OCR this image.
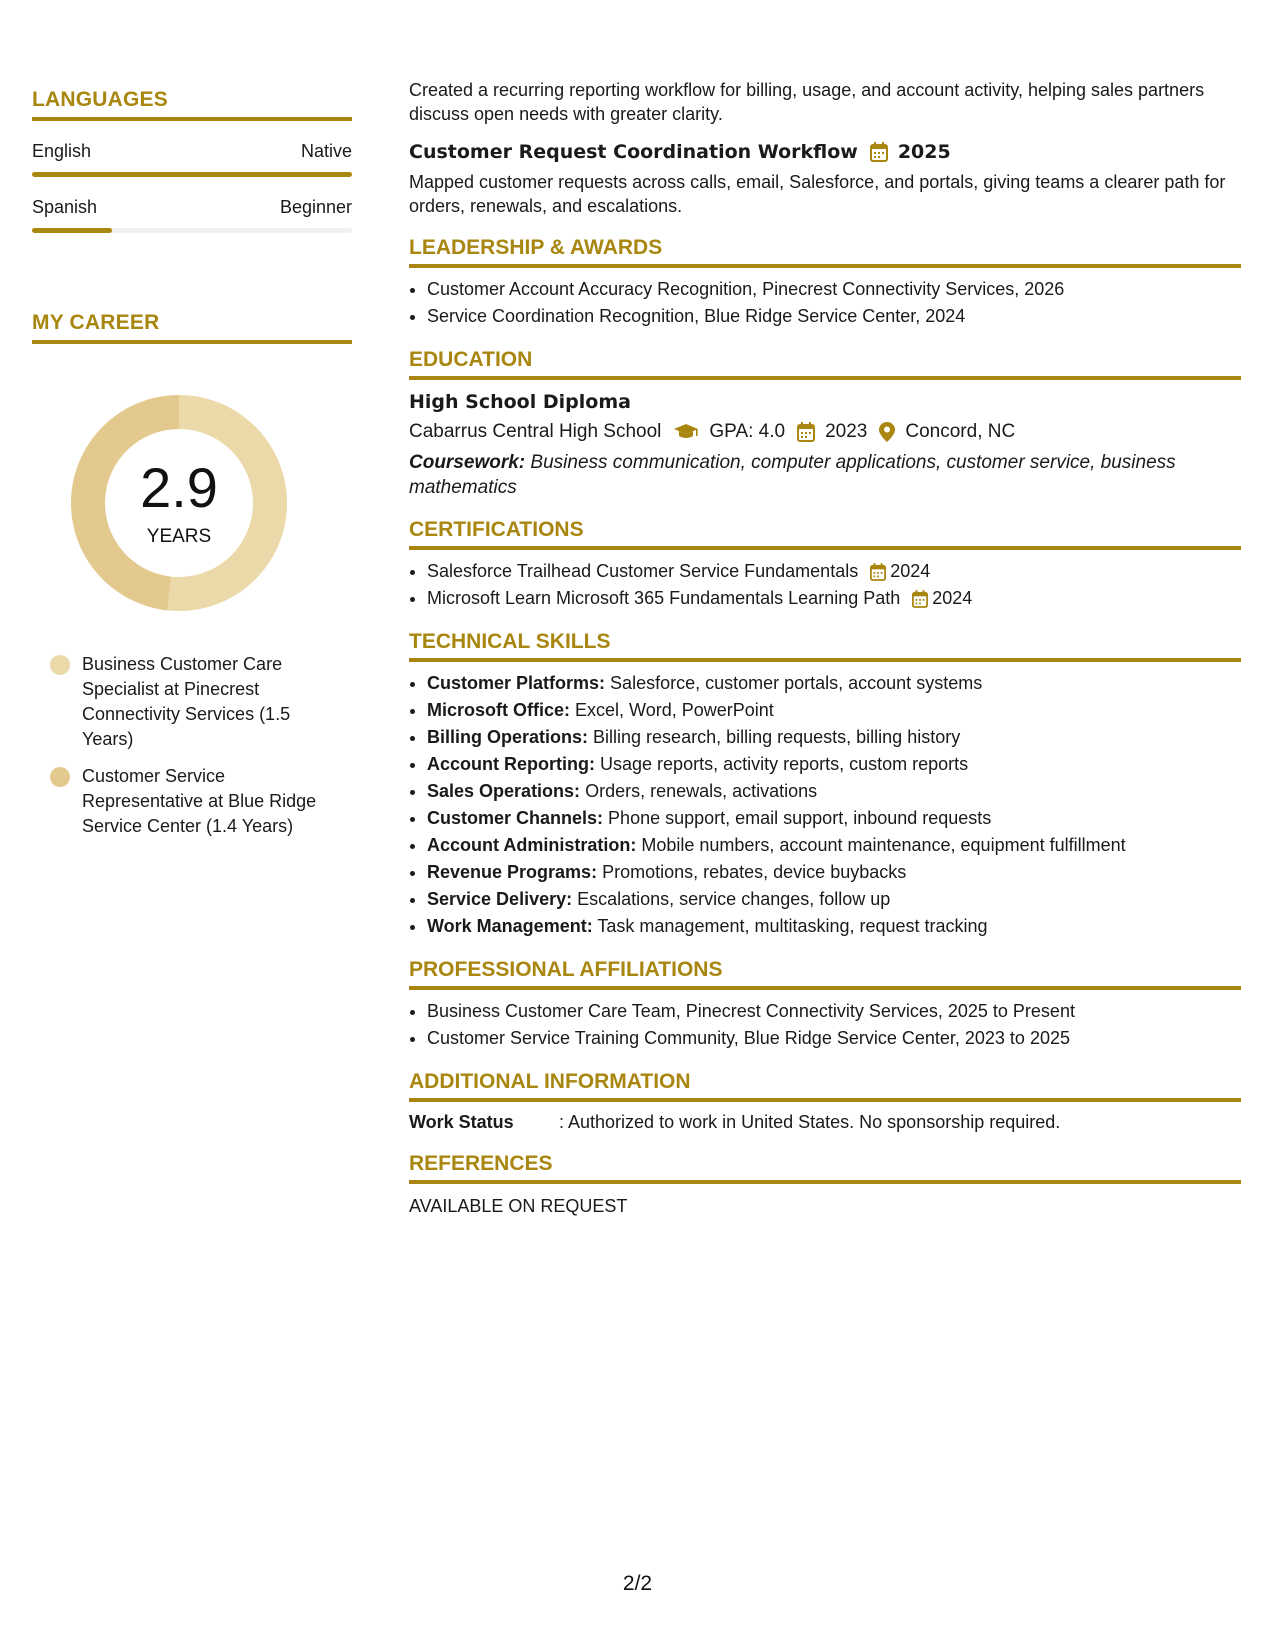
LANGUAGES
English	Native
Spanish	Beginner
MY CAREER
2.9
YEARS
Business Customer Care Specialist at Pinecrest Connectivity Services (1.5 Years)
Customer Service Representative at Blue Ridge Service Center (1.4 Years)

Created a recurring reporting workflow for billing, usage, and account activity, helping sales partners discuss open needs with greater clarity.

Customer Request Coordination Workflow 2025

Mapped customer requests across calls, email, Salesforce, and portals, giving teams a clearer path for orders, renewals, and escalations.

LEADERSHIP & AWARDS
• Customer Account Accuracy Recognition, Pinecrest Connectivity Services, 2026
• Service Coordination Recognition, Blue Ridge Service Center, 2024
EDUCATION
High School Diploma
Cabarrus Central High School	GPA: 4.0 2023 Concord, NC
Coursework: Business communication, computer applications, customer service, business mathematics
CERTIFICATIONS
• Salesforce Trailhead Customer Service Fundamentals 2024
• Microsoft Learn Microsoft 365 Fundamentals Learning Path 2024
TECHNICAL SKILLS
• Customer Platforms: Salesforce, customer portals, account systems
• Microsoft Office: Excel, Word, PowerPoint
• Billing Operations: Billing research, billing requests, billing history
• Account Reporting: Usage reports, activity reports, custom reports
• Sales Operations: Orders, renewals, activations
• Customer Channels: Phone support, email support, inbound requests
• Account Administration: Mobile numbers, account maintenance, equipment fulfillment
• Revenue Programs: Promotions, rebates, device buybacks
• Service Delivery: Escalations, service changes, follow up
• Work Management: Task management, multitasking, request tracking
PROFESSIONAL AFFILIATIONS
• Business Customer Care Team, Pinecrest Connectivity Services, 2025 to Present
• Customer Service Training Community, Blue Ridge Service Center, 2023 to 2025
ADDITIONAL INFORMATION
Work Status	: Authorized to work in United States. No sponsorship required.
REFERENCES
AVAILABLE ON REQUEST
2/2
